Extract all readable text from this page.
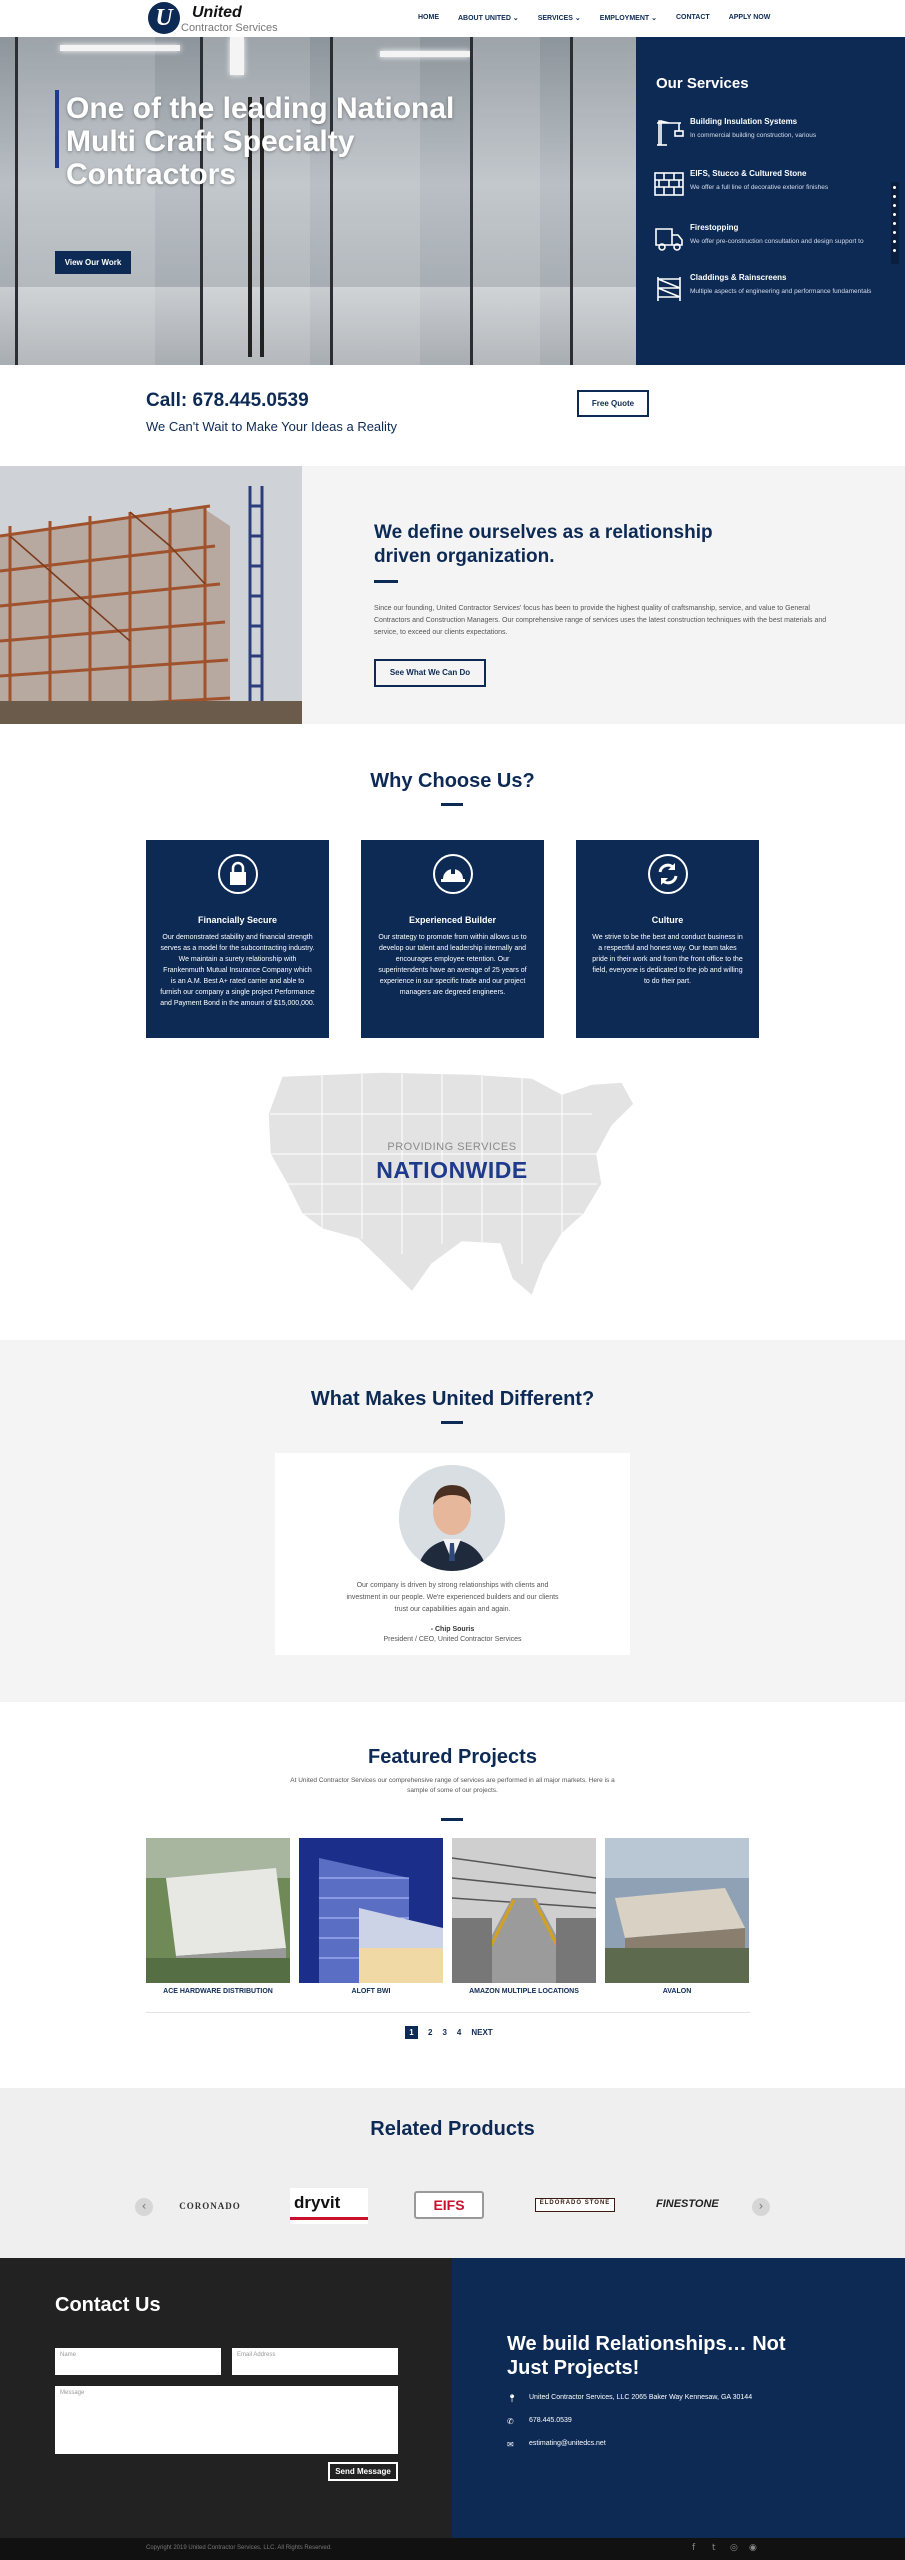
U	United
Contractor Services
HOME	ABOUT UNITED ⌄	SERVICES ⌄	EMPLOYMENT ⌄	CONTACT	APPLY NOW
One of the leading National Multi Craft Specialty Contractors
View Our Work
Our Services
Building Insulation Systems
In commercial building construction, various
EIFS, Stucco & Cultured Stone
We offer a full line of decorative exterior finishes
Firestopping
We offer pre-construction consultation and design support to
Claddings & Rainscreens
Multiple aspects of engineering and performance fundamentals
Call: 678.445.0539
We Can't Wait to Make Your Ideas a Reality
Free Quote
We define ourselves as a relationship driven organization.
Since our founding, United Contractor Services' focus has been to provide the highest quality of craftsmanship, service, and value to General Contractors and Construction Managers. Our comprehensive range of services uses the latest construction techniques with the best materials and service, to exceed our clients expectations.
See What We Can Do
Why Choose Us?
Financially Secure
Our demonstrated stability and financial strength serves as a model for the subcontracting industry. We maintain a surety relationship with Frankenmuth Mutual Insurance Company which is an A.M. Best A+ rated carrier and able to furnish our company a single project Performance and Payment Bond in the amount of $15,000,000.
Experienced Builder
Our strategy to promote from within allows us to develop our talent and leadership internally and encourages employee retention. Our superintendents have an average of 25 years of experience in our specific trade and our project managers are degreed engineers.
Culture
We strive to be the best and conduct business in a respectful and honest way. Our team takes pride in their work and from the front office to the field, everyone is dedicated to the job and willing to do their part.
PROVIDING SERVICES
NATIONWIDE
What Makes United Different?
Our company is driven by strong relationships with clients and investment in our people. We're experienced builders and our clients trust our capabilities again and again.
- Chip Souris
President / CEO, United Contractor Services
Featured Projects
At United Contractor Services our comprehensive range of services are performed in all major markets. Here is a sample of some of our projects.
ACE HARDWARE DISTRIBUTION	ALOFT BWI	AMAZON MULTIPLE LOCATIONS	AVALON
1	2 3 4 NEXT
Related Products
‹	›
CORONADO	dryvit	EIFS	ELDORADO STONE	FINESTONE
Contact Us
Name	Email Address
Message
Send Message
We build Relationships… Not Just Projects!
📍︎ United Contractor Services, LLC 2065 Baker Way Kennesaw, GA 30144
✆ 678.445.0539
✉ estimating@unitedcs.net
Copyright 2019 United Contractor Services, LLC. All Rights Reserved.	f t ◎ ◉
